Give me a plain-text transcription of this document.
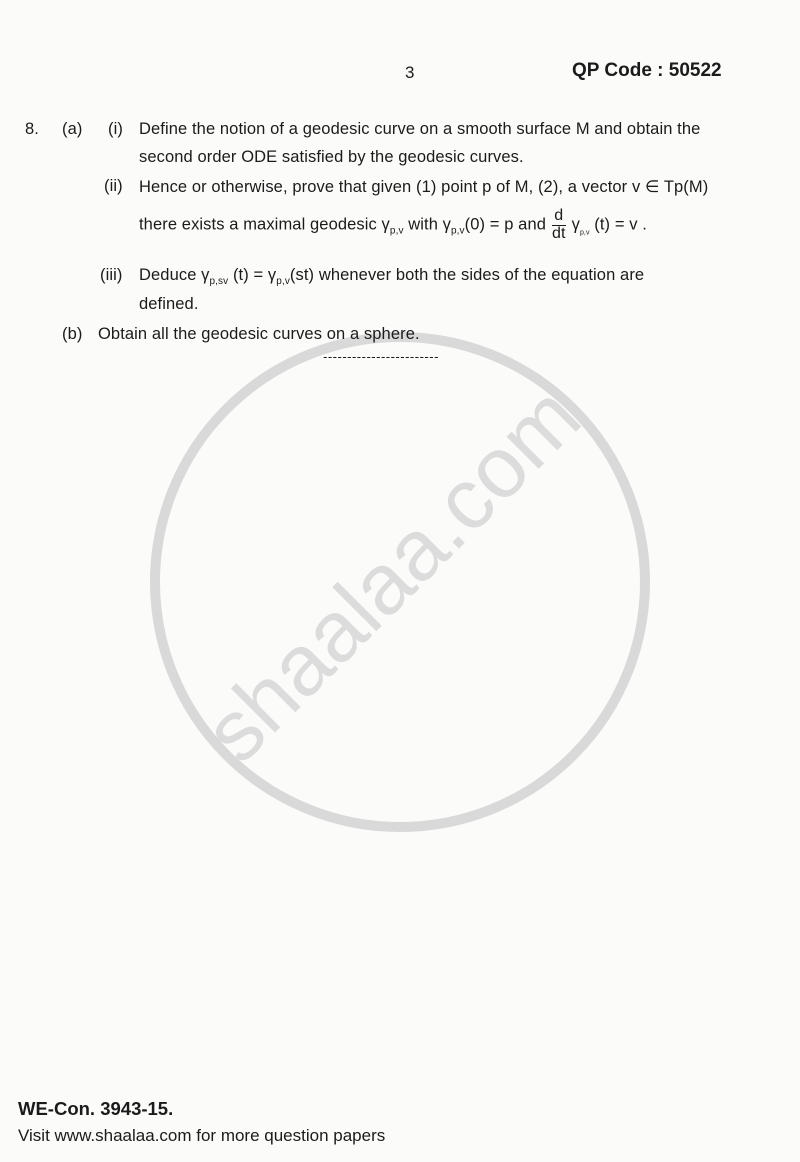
shaalaa.com
3	QP Code : 50522
8. (a) (i) Define the notion of a geodesic curve on a smooth surface M and obtain the
second order ODE satisfied by the geodesic curves.
(ii) Hence or otherwise, prove that given (1) point p of M, (2), a vector v ∈ Tp(M)
there exists a maximal geodesic $\gamma_{p,v}$ with $\gamma_{p,v}(0) = p$ and $\frac{d}{dt} \gamma_{p,v}$ (t) = v .
(iii) Deduce $\gamma_{p,sv}$ $(t) = \gamma_{p,v}(st)$ whenever both the sides of the equation are
defined.
(b) Obtain all the geodesic curves on a sphere.
------------------------
WE-Con. 3943-15.
Visit www.shaalaa.com for more question papers
